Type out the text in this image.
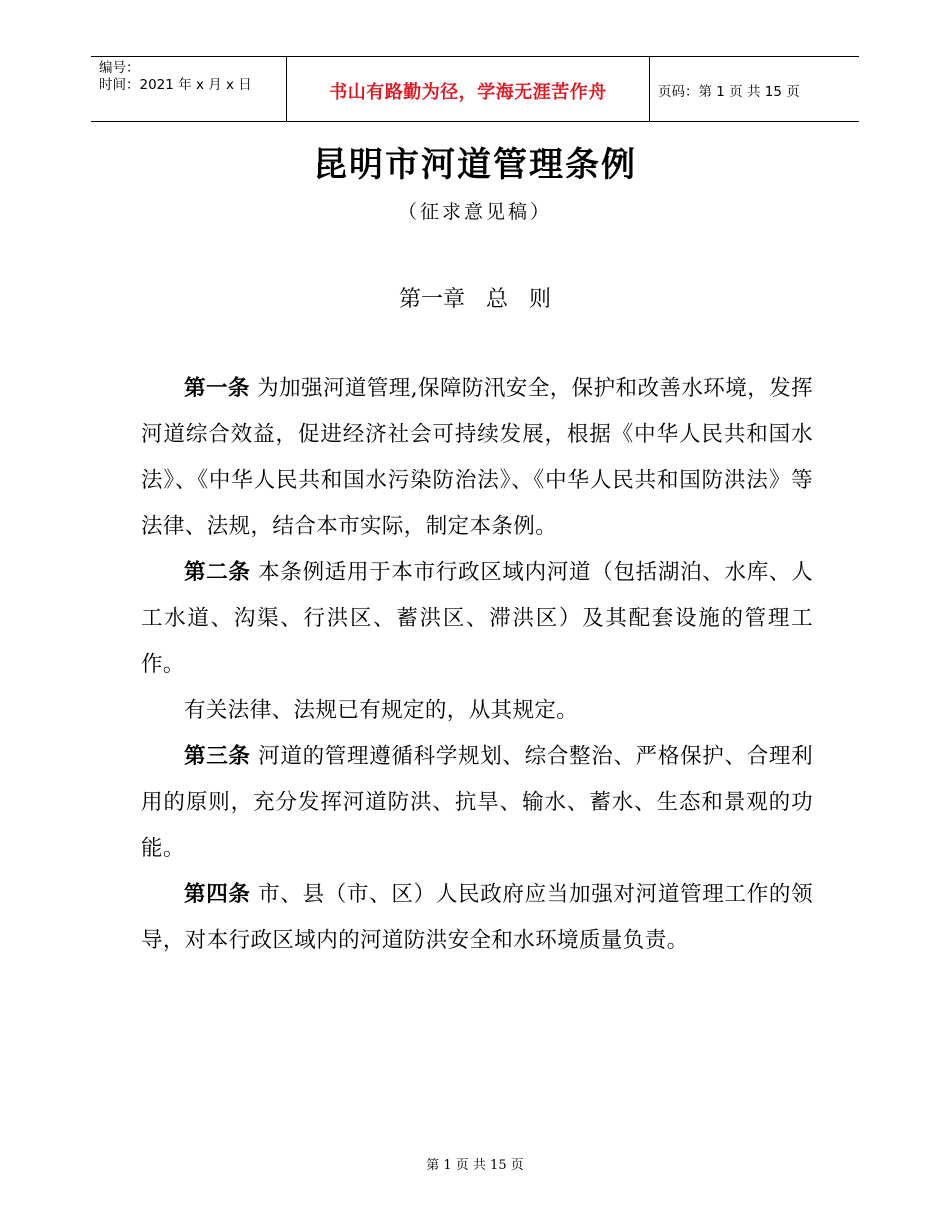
编号：
时间：2021 年 x 月 x 日	书山有路勤为径，学海无涯苦作舟	页码：第 1 页 共 15 页
昆明市河道管理条例
（征求意见稿）
第一章   总   则

第一条 为加强河道管理,保障防汛安全，保护和改善水环境，发挥河道综合效益，促进经济社会可持续发展，根据《中华人民共和国水法》、《中华人民共和国水污染防治法》、《中华人民共和国防洪法》等法律、法规，结合本市实际，制定本条例。

第二条 本条例适用于本市行政区域内河道（包括湖泊、水库、人工水道、沟渠、行洪区、蓄洪区、滞洪区）及其配套设施的管理工作。

有关法律、法规已有规定的，从其规定。

第三条 河道的管理遵循科学规划、综合整治、严格保护、合理利用的原则，充分发挥河道防洪、抗旱、输水、蓄水、生态和景观的功能。

第四条 市、县（市、区）人民政府应当加强对河道管理工作的领导，对本行政区域内的河道防洪安全和水环境质量负责。

第 1 页 共 15 页
